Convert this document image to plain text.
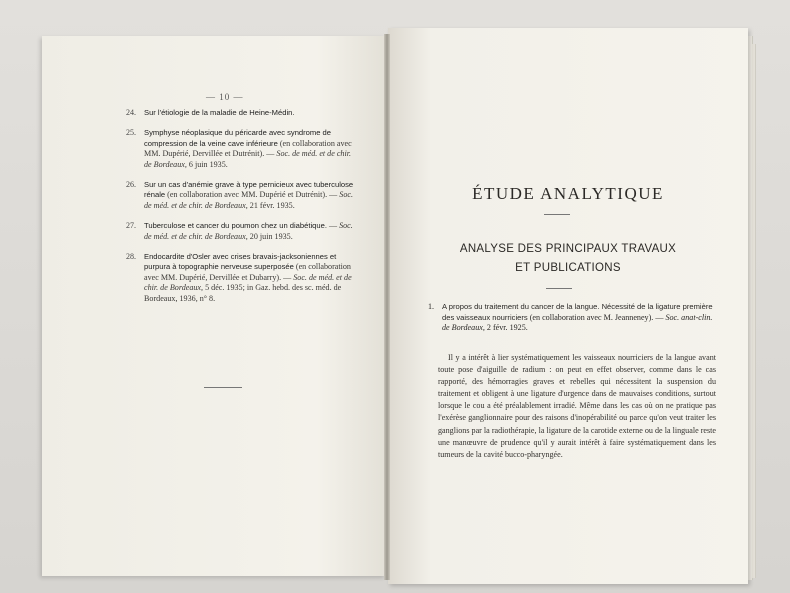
— 10 —
24. Sur l'étiologie de la maladie de Heine-Médin.
25. Symphyse néoplasique du péricarde avec syndrome de compression de la veine cave inférieure (en collaboration avec MM. Dupérié, Dervillée et Dutrénit). — Soc. de méd. et de chir. de Bordeaux, 6 juin 1935.
26. Sur un cas d'anémie grave à type pernicieux avec tuberculose rénale (en collaboration avec MM. Dupérié et Dutrénit). — Soc. de méd. et de chir. de Bordeaux, 21 févr. 1935.
27. Tuberculose et cancer du poumon chez un diabétique. — Soc. de méd. et de chir. de Bordeaux, 20 juin 1935.
28. Endocardite d'Osler avec crises bravais-jacksoniennes et purpura à topographie nerveuse superposée (en collaboration avec MM. Dupérié, Dervillée et Dubarry). — Soc. de méd. et de chir. de Bordeaux, 5 déc. 1935; in Gaz. hebd. des sc. méd. de Bordeaux, 1936, n° 8.
ÉTUDE ANALYTIQUE
ANALYSE DES PRINCIPAUX TRAVAUX
ET PUBLICATIONS
1.	A propos du traitement du cancer de la langue. Nécessité de la ligature première des vaisseaux nourriciers (en collaboration avec M. Jeanneney). — Soc. anat-clin. de Bordeaux, 2 févr. 1925.
Il y a intérêt à lier systématiquement les vaisseaux nourriciers de la langue avant toute pose d'aiguille de radium : on peut en effet observer, comme dans le cas rapporté, des hémorragies graves et rebelles qui nécessitent la suspension du traitement et obligent à une ligature d'urgence dans de mauvaises conditions, surtout lorsque le cou a été préalablement irradié. Même dans les cas où on ne pratique pas l'exérèse ganglionnaire pour des raisons d'inopérabilité ou parce qu'on veut traiter les ganglions par la radiothérapie, la ligature de la carotide externe ou de la linguale reste une manœuvre de prudence qu'il y aurait intérêt à faire systématiquement dans les tumeurs de la cavité bucco-pharyngée.
